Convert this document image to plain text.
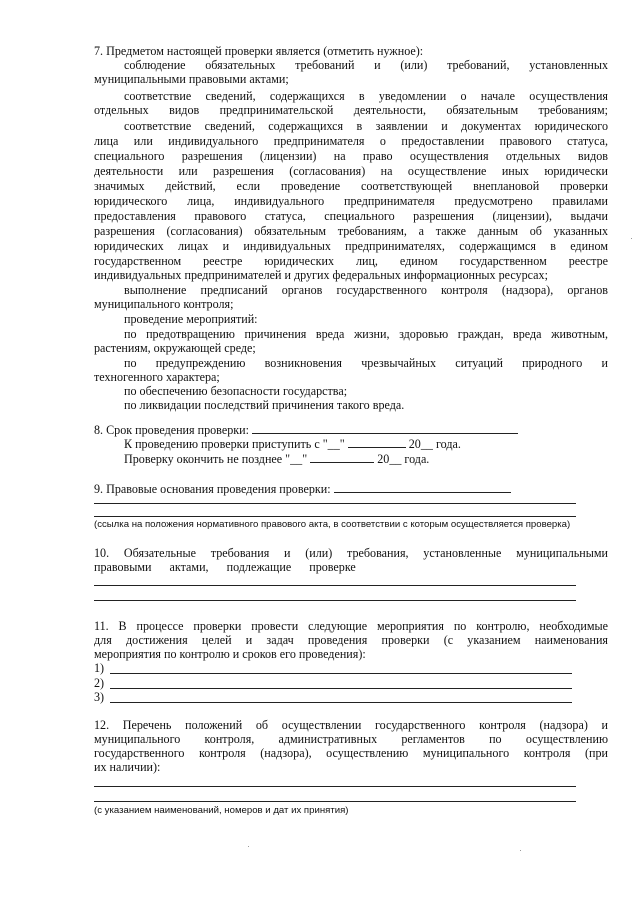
7. Предметом настоящей проверки является (отметить нужное):

соблюдение обязательных требований и (или) требований, установленных

муниципальными правовыми актами;

соответствие сведений, содержащихся в уведомлении о начале осуществления

отдельных видов предпринимательской деятельности, обязательным требованиям;

соответствие сведений, содержащихся в заявлении и документах юридического

лица или индивидуального предпринимателя о предоставлении правового статуса,

специального разрешения (лицензии) на право осуществления отдельных видов

деятельности или разрешения (согласования) на осуществление иных юридически

значимых действий, если проведение соответствующей внеплановой проверки

юридического лица, индивидуального предпринимателя предусмотрено правилами

предоставления правового статуса, специального разрешения (лицензии), выдачи

разрешения (согласования) обязательным требованиям, а также данным об указанных

юридических лицах и индивидуальных предпринимателях, содержащимся в едином

государственном реестре юридических лиц, едином государственном реестре

индивидуальных предпринимателей и других федеральных информационных ресурсах;

выполнение предписаний органов государственного контроля (надзора), органов

муниципального контроля;

проведение мероприятий:

по предотвращению причинения вреда жизни, здоровью граждан, вреда животным,

растениям, окружающей среде;

по предупреждению возникновения чрезвычайных ситуаций природного и

техногенного характера;

по обеспечению безопасности государства;

по ликвидации последствий причинения такого вреда.

8. Срок проведения проверки:

К проведению проверки приступить с "__"	20__ года.

Проверку окончить не позднее "__"	20__ года.

9. Правовые основания проведения проверки:

(ссылка на положения нормативного правового акта, в соответствии с которым осуществляется проверка)

10. Обязательные требования и (или) требования, установленные муниципальными

правовыми актами, подлежащие проверке

11. В процессе проверки провести следующие мероприятия по контролю, необходимые

для достижения целей и задач проведения проверки (с указанием наименования

мероприятия по контролю и сроков его проведения):

1)

2)

3)

12. Перечень положений об осуществлении государственного контроля (надзора) и

муниципального контроля, административных регламентов по осуществлению

государственного контроля (надзора), осуществлению муниципального контроля (при

их наличии):

(с указанием наименований, номеров и дат их принятия)
